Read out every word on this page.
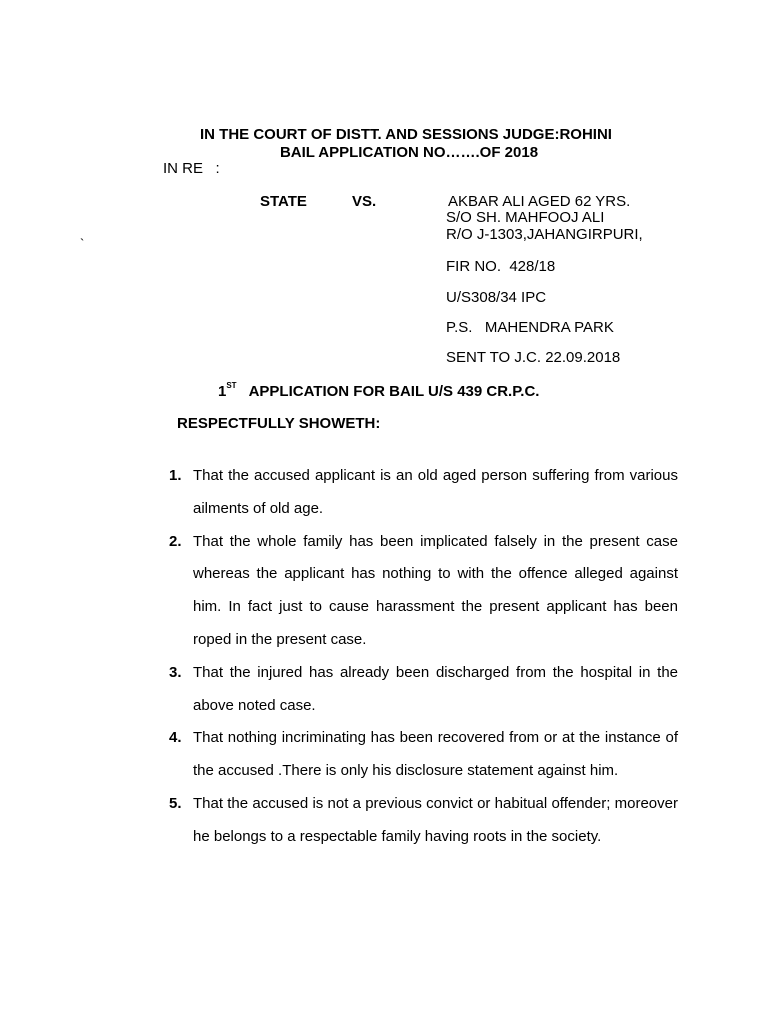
IN THE COURT OF DISTT. AND SESSIONS JUDGE:ROHINI
BAIL APPLICATION NO…….OF 2018
IN RE   :
STATE	VS.	AKBAR ALI AGED 62 YRS.
S/O SH. MAHFOOJ ALI
R/O J-1303,JAHANGIRPURI,
`
FIR NO.  428/18
U/S308/34 IPC
P.S.   MAHENDRA PARK
SENT TO J.C. 22.09.2018
1ST APPLICATION FOR BAIL U/S 439 CR.P.C.
RESPECTFULLY SHOWETH:
1. That the accused applicant is an old aged person suffering from various ailments of old age.
2. That the whole family has been implicated falsely in the present case whereas the applicant has nothing to with the offence alleged against him. In fact just to cause harassment the present applicant has been roped in the present case.
3. That the injured has already been discharged from the hospital in the above noted case.
4. That nothing incriminating has been recovered from or at the instance of the accused .There is only his disclosure statement against him.
5. That the accused is not a previous convict or habitual offender; moreover he belongs to a respectable family having roots in the society.
